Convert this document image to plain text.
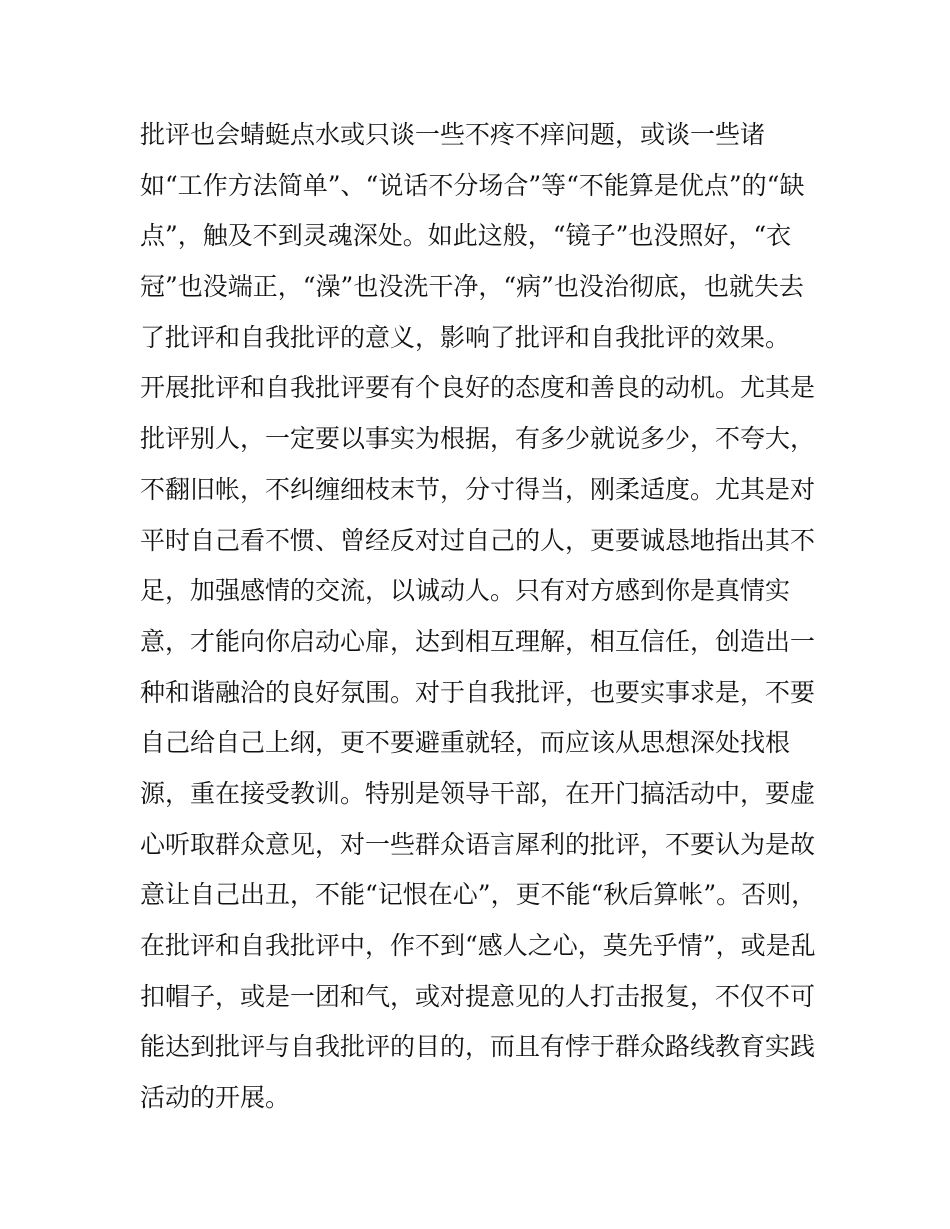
批评也会蜻蜓点水或只谈一些不疼不痒问题，或谈一些诸
如“工作方法简单”、“说话不分场合”等“不能算是优点”的“缺
点”，触及不到灵魂深处。如此这般，“镜子”也没照好，“衣
冠”也没端正，“澡”也没洗干净，“病”也没治彻底，也就失去
了批评和自我批评的意义，影响了批评和自我批评的效果。
开展批评和自我批评要有个良好的态度和善良的动机。尤其是
批评别人，一定要以事实为根据，有多少就说多少，不夸大，
不翻旧帐，不纠缠细枝末节，分寸得当，刚柔适度。尤其是对
平时自己看不惯、曾经反对过自己的人，更要诚恳地指出其不
足，加强感情的交流，以诚动人。只有对方感到你是真情实
意，才能向你启动心扉，达到相互理解，相互信任，创造出一
种和谐融洽的良好氛围。对于自我批评，也要实事求是，不要
自己给自己上纲，更不要避重就轻，而应该从思想深处找根
源，重在接受教训。特别是领导干部，在开门搞活动中，要虚
心听取群众意见，对一些群众语言犀利的批评，不要认为是故
意让自己出丑，不能“记恨在心”，更不能“秋后算帐”。否则，
在批评和自我批评中，作不到“感人之心，莫先乎情”，或是乱
扣帽子，或是一团和气，或对提意见的人打击报复，不仅不可
能达到批评与自我批评的目的，而且有悖于群众路线教育实践
活动的开展。
